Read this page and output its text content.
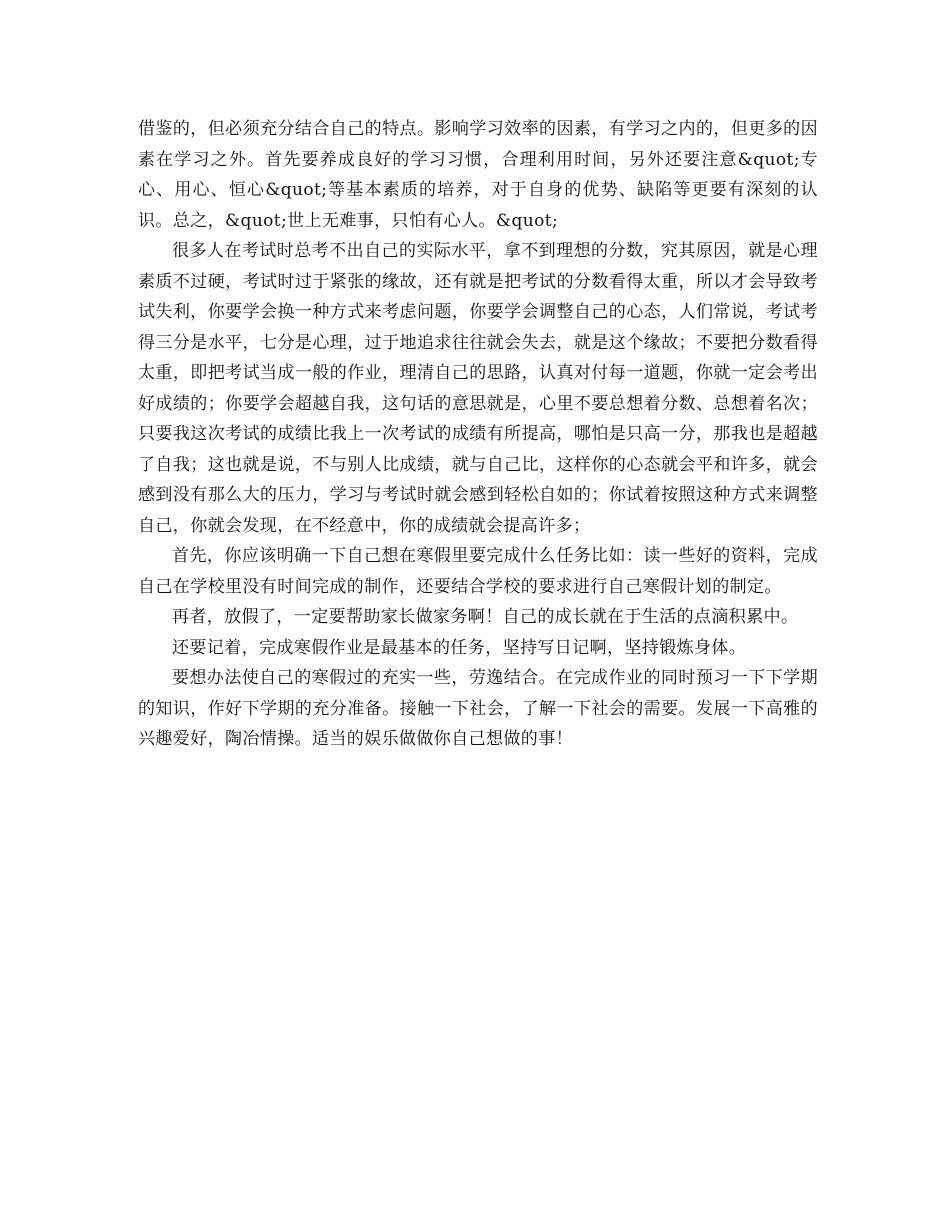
借鉴的，但必须充分结合自己的特点。影响学习效率的因素，有学习之内的，但更多的因素在学习之外。首先要养成良好的学习习惯，合理利用时间，另外还要注意&quot;专心、用心、恒心&quot;等基本素质的培养，对于自身的优势、缺陷等更要有深刻的认识。总之，&quot;世上无难事，只怕有心人。&quot;

很多人在考试时总考不出自己的实际水平，拿不到理想的分数，究其原因，就是心理素质不过硬，考试时过于紧张的缘故，还有就是把考试的分数看得太重，所以才会导致考试失利，你要学会换一种方式来考虑问题，你要学会调整自己的心态，人们常说，考试考得三分是水平，七分是心理，过于地追求往往就会失去，就是这个缘故；不要把分数看得太重，即把考试当成一般的作业，理清自己的思路，认真对付每一道题，你就一定会考出好成绩的；你要学会超越自我，这句话的意思就是，心里不要总想着分数、总想着名次；只要我这次考试的成绩比我上一次考试的成绩有所提高，哪怕是只高一分，那我也是超越了自我；这也就是说，不与别人比成绩，就与自己比，这样你的心态就会平和许多，就会感到没有那么大的压力，学习与考试时就会感到轻松自如的；你试着按照这种方式来调整自己，你就会发现，在不经意中，你的成绩就会提高许多；

首先，你应该明确一下自己想在寒假里要完成什么任务比如：读一些好的资料，完成自己在学校里没有时间完成的制作，还要结合学校的要求进行自己寒假计划的制定。

再者，放假了，一定要帮助家长做家务啊！自己的成长就在于生活的点滴积累中。

还要记着，完成寒假作业是最基本的任务，坚持写日记啊，坚持锻炼身体。

要想办法使自己的寒假过的充实一些，劳逸结合。在完成作业的同时预习一下下学期的知识，作好下学期的充分准备。接触一下社会，了解一下社会的需要。发展一下高雅的兴趣爱好，陶冶情操。适当的娱乐做做你自己想做的事！
